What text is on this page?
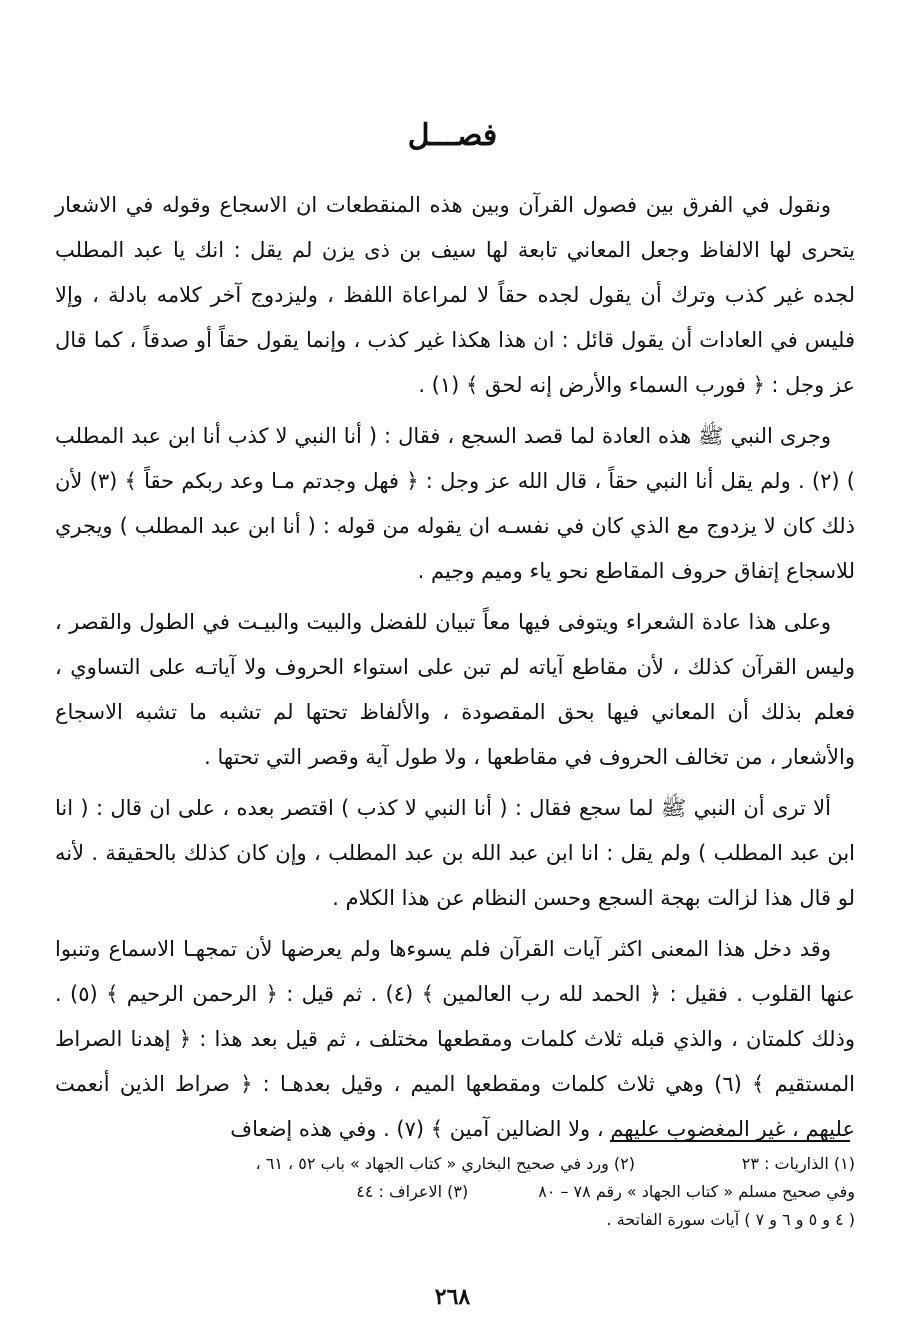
فصـــل

ونقول في الفرق بين فصول القرآن وبين هذه المنقطعات ان الاسجاع وقوله في الاشعار يتحرى لها الالفاظ وجعل المعاني تابعة لها سيف بن ذى يزن لم يقل : انك يا عبد المطلب لجده غير كذب وترك أن يقول لجده حقاً لا لمراعاة اللفظ ، وليزدوج آخر كلامه بادلة ، وإلا فليس في العادات أن يقول قائل : ان هذا هكذا غير كذب ، وإنما يقول حقاً أو صدقاً ، كما قال عز وجل : ﴿ فورب السماء والأرض إنه لحق ﴾ (١) .

وجرى النبي ﷺ هذه العادة لما قصد السجع ، فقال : ( أنا النبي لا كذب أنا ابن عبد المطلب ) (٢) . ولم يقل أنا النبي حقاً ، قال الله عز وجل : ﴿ فهل وجدتم مـا وعد ربكم حقاً ﴾ (٣) لأن ذلك كان لا يزدوج مع الذي كان في نفسـه ان يقوله من قوله : ( أنا ابن عبد المطلب ) ويجري للاسجاع إتفاق حروف المقاطع نحو ياء وميم وجيم .

وعلى هذا عادة الشعراء ويتوفى فيها معاً تبيان للفضل والبيت والبيـت في الطول والقصر ، وليس القرآن كذلك ، لأن مقاطع آياته لم تبن على استواء الحروف ولا آياتـه على التساوي ، فعلم بذلك أن المعاني فيها بحق المقصودة ، والألفاظ تحتها لم تشبه ما تشبه الاسجاع والأشعار ، من تخالف الحروف في مقاطعها ، ولا طول آية وقصر التي تحتها .

ألا ترى أن النبي ﷺ لما سجع فقال : ( أنا النبي لا كذب ) اقتصر بعده ، على ان قال : ( انا ابن عبد المطلب ) ولم يقل : انا ابن عبد الله بن عبد المطلب ، وإن كان كذلك بالحقيقة . لأنه لو قال هذا لزالت بهجة السجع وحسن النظام عن هذا الكلام .

وقد دخل هذا المعنى اكثر آيات القرآن فلم يسوءها ولم يعرضها لأن تمجهـا الاسماع وتنبوا عنها القلوب . فقيل : ﴿ الحمد لله رب العالمين ﴾ (٤) . ثم قيل : ﴿ الرحمن الرحيم ﴾ (٥) . وذلك كلمتان ، والذي قبله ثلاث كلمات ومقطعها مختلف ، ثم قيل بعد هذا : ﴿ إهدنا الصراط المستقيم ﴾ (٦) وهي ثلاث كلمات ومقطعها الميم ، وقيل بعدهـا : ﴿ صراط الذين أنعمت عليهم ، غير المغضوب عليهم ، ولا الضالين آمين ﴾ (٧) . وفي هذه إضعاف

(١) الذاريات : ٢٣
(٢) ورد في صحيح البخاري « كتاب الجهاد » باب ٥٢ ، ٦١ ،
وفي صحيح مسلم « كتاب الجهاد » رقم ٧٨ – ٨٠
(٣) الاعراف : ٤٤
( ٤ و ٥ و ٦ و ٧ ) آيات سورة الفاتحة .
٢٦٨
